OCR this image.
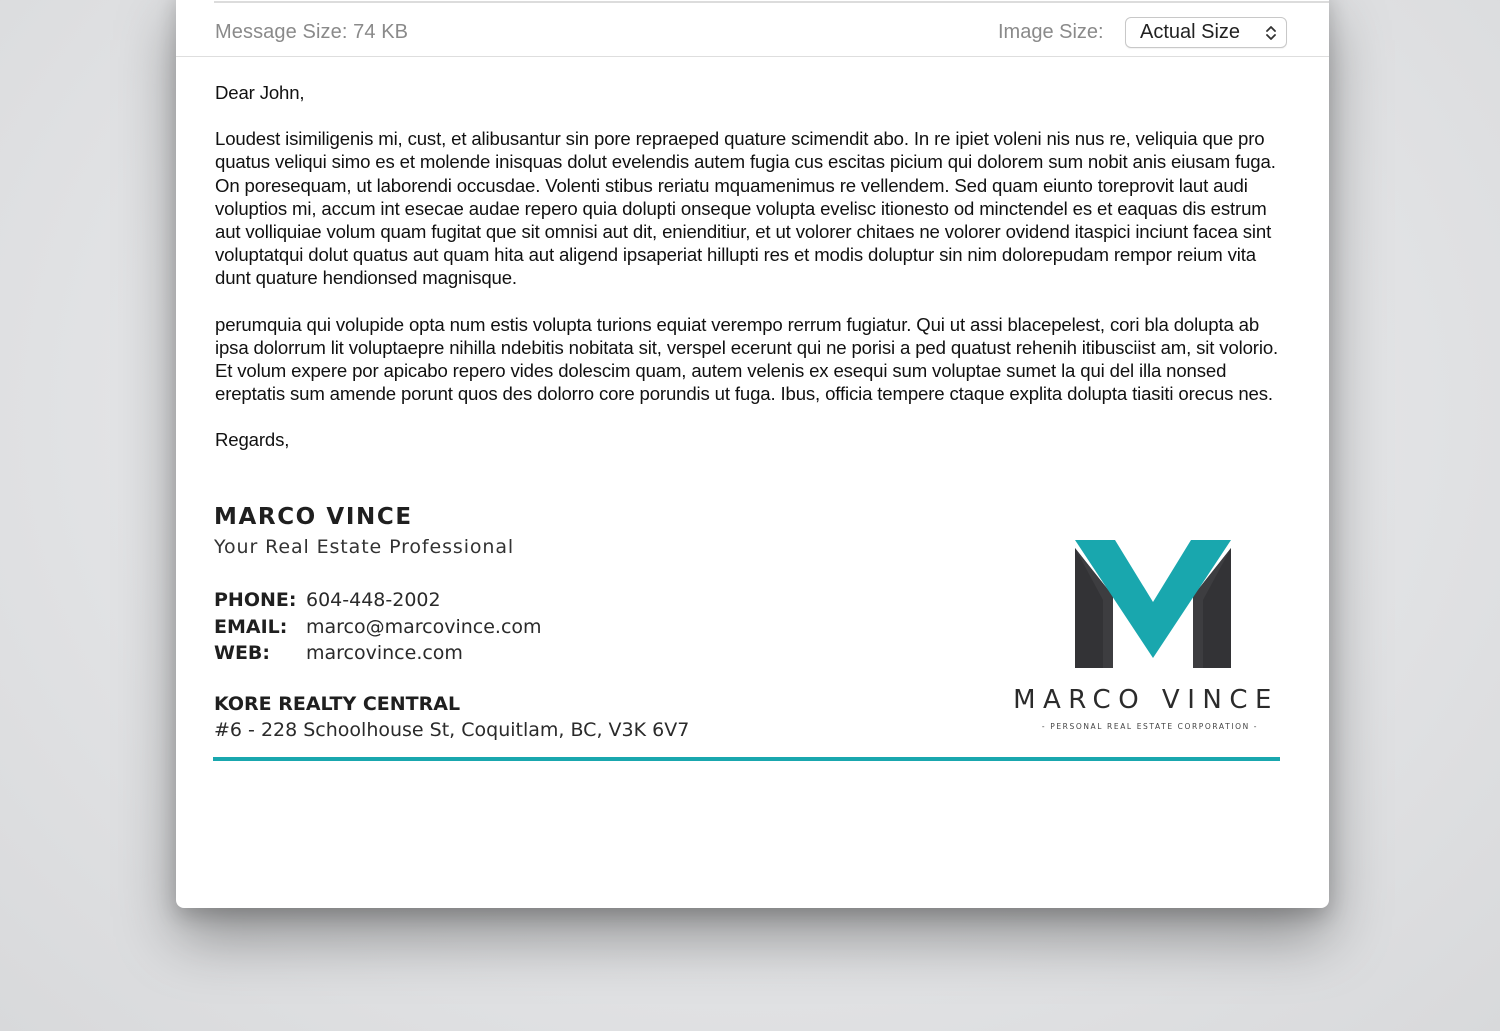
Message Size: 74 KB	Image Size: Actual Size

Dear John,

Loudest isimiligenis mi, cust, et alibusantur sin pore repraeped quature scimendit abo. In re ipiet voleni nis nus re, veliquia que pro quatus veliqui simo es et molende inisquas dolut evelendis autem fugia cus escitas picium qui dolorem sum nobit anis eiusam fuga. On poresequam, ut laborendi occusdae. Volenti stibus reriatu mquamenimus re vellendem. Sed quam eiunto toreprovit laut audi voluptios mi, accum int esecae audae repero quia dolupti onseque volupta evelisc itionesto od minctendel es et eaquas dis estrum aut volliquiae volum quam fugitat que sit omnisi aut dit, enienditiur, et ut volorer chitaes ne volorer ovidend itaspici inciunt facea sint voluptatqui dolut quatus aut quam hita aut aligend ipsaperiat hillupti res et modis doluptur sin nim dolorepudam rempor reium vita dunt quature hendionsed magnisque.

perumquia qui volupide opta num estis volupta turions equiat verempo rerrum fugiatur. Qui ut assi blacepelest, cori bla dolupta ab ipsa dolorrum lit voluptaepre nihilla ndebitis nobitata sit, verspel ecerunt qui ne porisi a ped quatust rehenih itibusciist am, sit volorio. Et volum expere por apicabo repero vides dolescim quam, autem velenis ex esequi sum voluptae sumet la qui del illa nonsed ereptatis sum amende porunt quos des dolorro core porundis ut fuga. Ibus, officia tempere ctaque explita dolupta tiasiti orecus nes.

Regards,

MARCO VINCE
Your Real Estate Professional
PHONE: 604-448-2002
EMAIL: marco@marcovince.com
WEB:	marcovince.com
KORE REALTY CENTRAL
#6 - 228 Schoolhouse St, Coquitlam, BC, V3K 6V7
MARCO VINCE
- PERSONAL REAL ESTATE CORPORATION -
